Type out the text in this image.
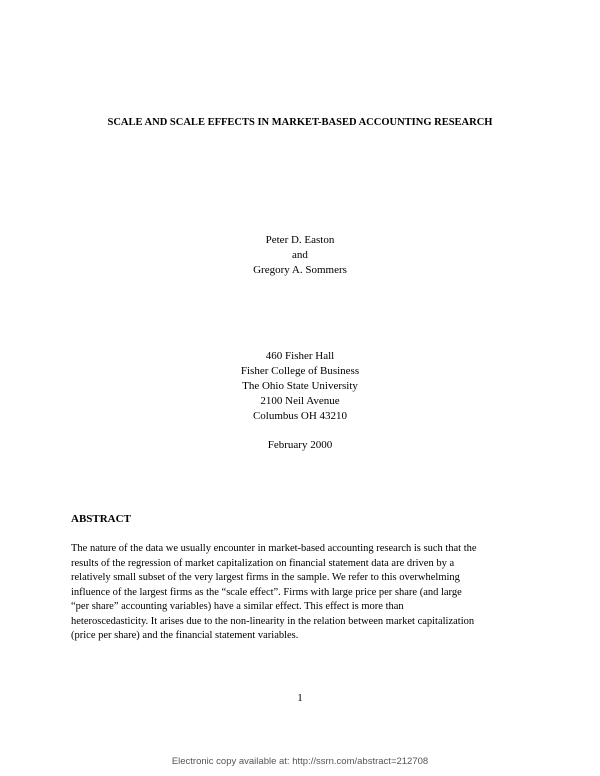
SCALE AND SCALE EFFECTS IN MARKET-BASED ACCOUNTING RESEARCH
Peter D. Easton
and
Gregory A. Sommers
460 Fisher Hall
Fisher College of Business
The Ohio State University
2100 Neil Avenue
Columbus OH 43210
February 2000
ABSTRACT
The nature of the data we usually encounter in market-based accounting research is such that the
results of the regression of market capitalization on financial statement data are driven by a
relatively small subset of the very largest firms in the sample. We refer to this overwhelming
influence of the largest firms as the “scale effect”. Firms with large price per share (and large
“per share” accounting variables) have a similar effect. This effect is more than
heteroscedasticity. It arises due to the non-linearity in the relation between market capitalization
(price per share) and the financial statement variables.
1
Electronic copy available at: http://ssrn.com/abstract=212708
